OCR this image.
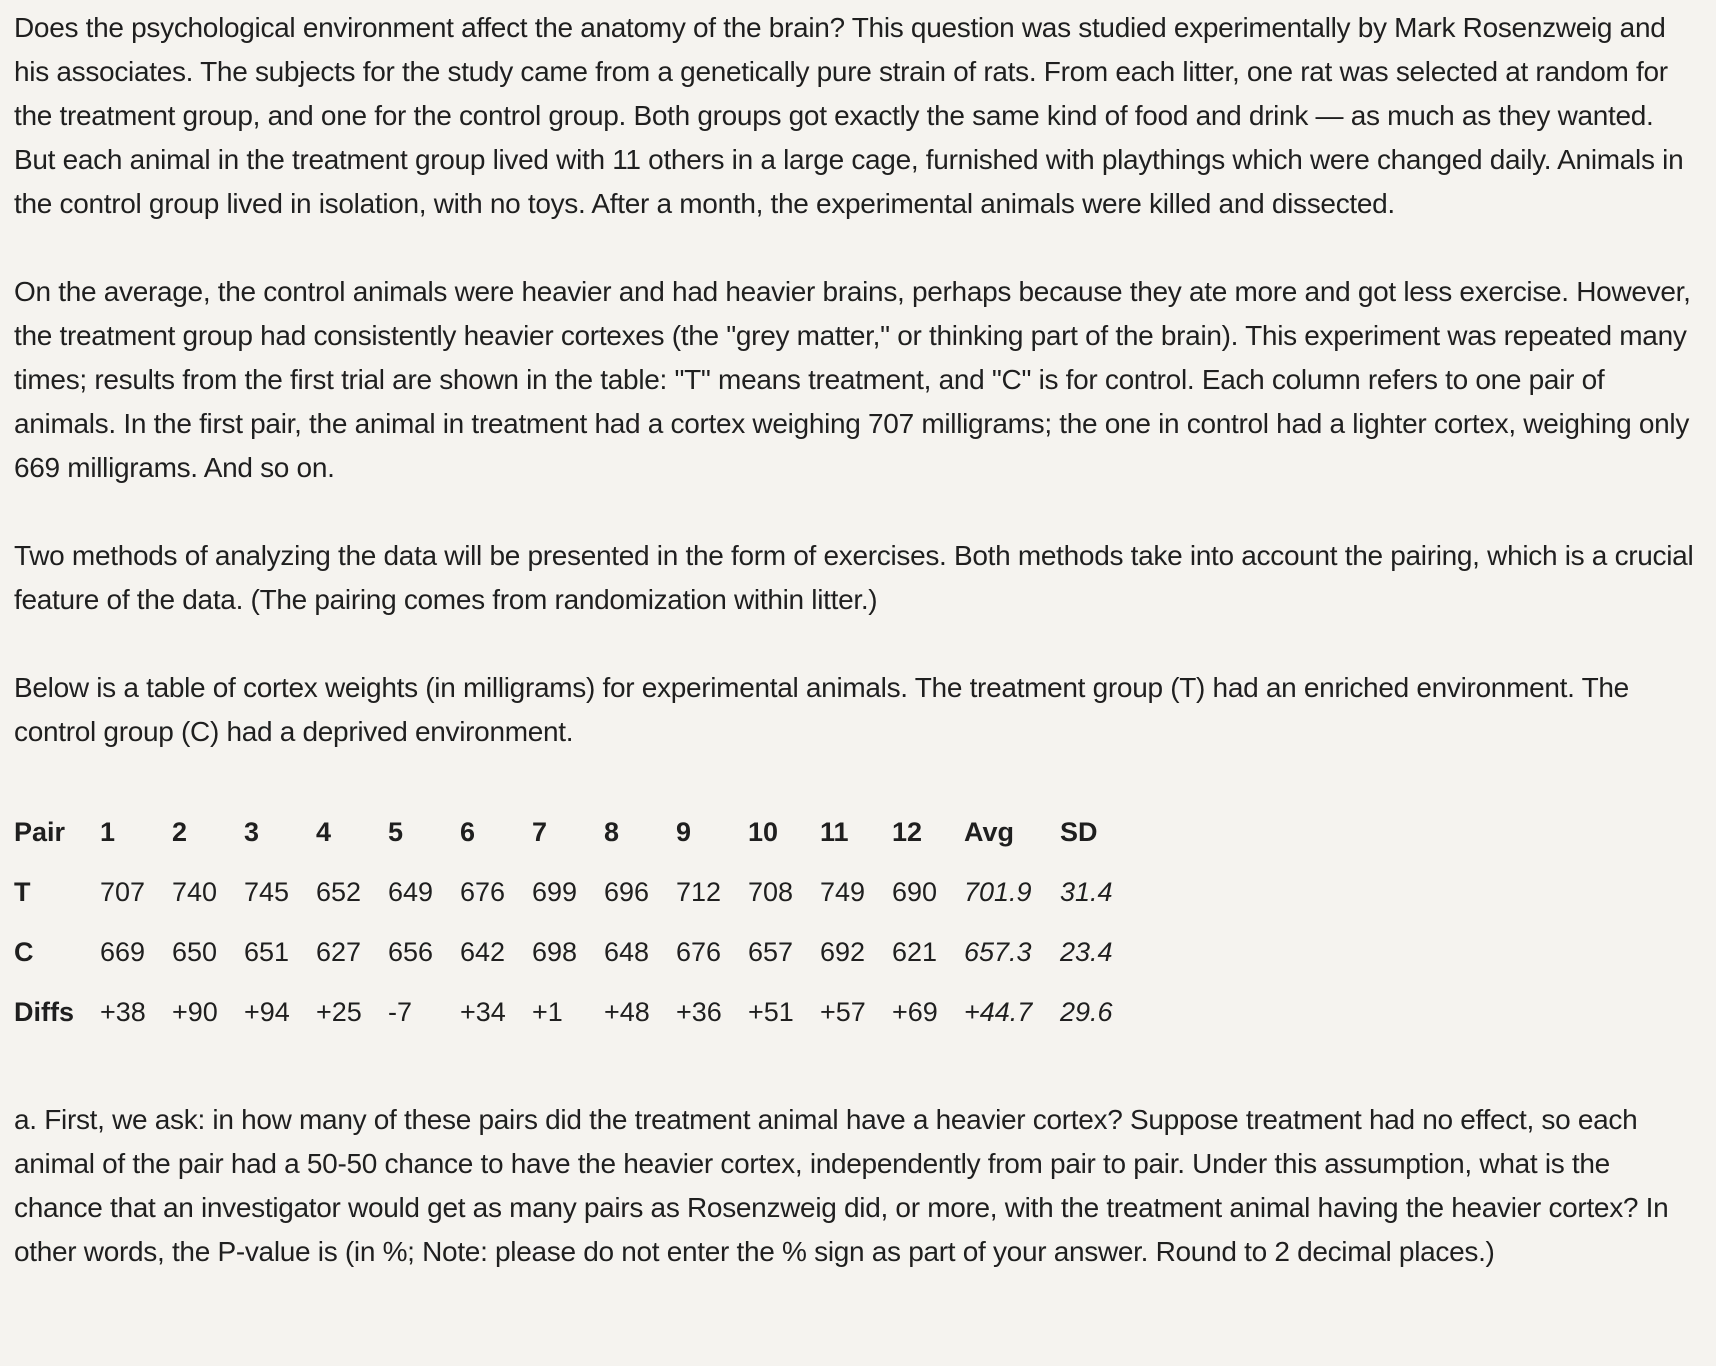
Does the psychological environment affect the anatomy of the brain? This question was studied experimentally by Mark Rosenzweig and his associates. The subjects for the study came from a genetically pure strain of rats. From each litter, one rat was selected at random for the treatment group, and one for the control group. Both groups got exactly the same kind of food and drink — as much as they wanted. But each animal in the treatment group lived with 11 others in a large cage, furnished with playthings which were changed daily. Animals in the control group lived in isolation, with no toys. After a month, the experimental animals were killed and dissected.

On the average, the control animals were heavier and had heavier brains, perhaps because they ate more and got less exercise. However, the treatment group had consistently heavier cortexes (the "grey matter," or thinking part of the brain). This experiment was repeated many times; results from the first trial are shown in the table: "T" means treatment, and "C" is for control. Each column refers to one pair of animals. In the first pair, the animal in treatment had a cortex weighing 707 milligrams; the one in control had a lighter cortex, weighing only 669 milligrams. And so on.

Two methods of analyzing the data will be presented in the form of exercises. Both methods take into account the pairing, which is a crucial feature of the data. (The pairing comes from randomization within litter.)

Below is a table of cortex weights (in milligrams) for experimental animals. The treatment group (T) had an enriched environment. The control group (C) had a deprived environment.

Pair	1	2	3	4	5	6	7	8	9	10	11	12	Avg	SD
T	707	740	745	652	649	676	699	696	712	708	749	690	701.9	31.4
C	669	650	651	627	656	642	698	648	676	657	692	621	657.3	23.4
Diffs	+38	+90	+94	+25	-7	+34	+1	+48	+36	+51	+57	+69	+44.7	29.6

a. First, we ask: in how many of these pairs did the treatment animal have a heavier cortex? Suppose treatment had no effect, so each animal of the pair had a 50-50 chance to have the heavier cortex, independently from pair to pair. Under this assumption, what is the chance that an investigator would get as many pairs as Rosenzweig did, or more, with the treatment animal having the heavier cortex? In other words, the P-value is (in %; Note: please do not enter the % sign as part of your answer. Round to 2 decimal places.)
